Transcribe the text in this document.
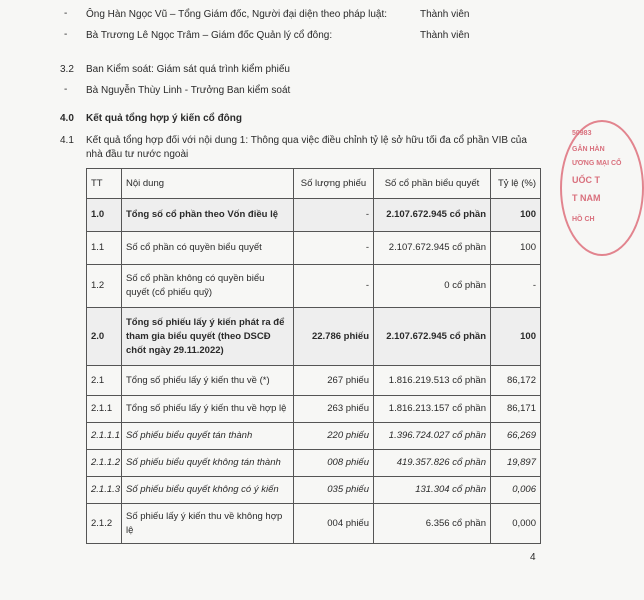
- Ông Hàn Ngọc Vũ – Tổng Giám đốc, Người đại diện theo pháp luật:	Thành viên
- Bà Trương Lê Ngọc Trâm – Giám đốc Quản lý cổ đông:	Thành viên
3.2 Ban Kiểm soát: Giám sát quá trình kiểm phiếu
- Bà Nguyễn Thùy Linh - Trưởng Ban kiểm soát
4.0 Kết quả tổng hợp ý kiến cổ đông
4.1 Kết quả tổng hợp đối với nội dung 1: Thông qua việc điều chỉnh tỷ lệ sở hữu tối đa cổ phần VIB của
nhà đầu tư nước ngoài
TT	Nội dung	Số lượng phiếu	Số cổ phần biểu quyết	Tỷ lệ (%)
1.0	Tổng số cổ phần theo Vốn điều lệ	-	2.107.672.945 cổ phần	100
1.1	Số cổ phần có quyền biểu quyết	-	2.107.672.945 cổ phần	100
1.2	Số cổ phần không có quyền biểu quyết (cổ phiếu quỹ)	-	0 cổ phần	-
2.0	Tổng số phiếu lấy ý kiến phát ra để tham gia biểu quyết (theo DSCĐ chốt ngày 29.11.2022)	22.786 phiếu	2.107.672.945 cổ phần	100
2.1	Tổng số phiếu lấy ý kiến thu về (*)	267 phiếu	1.816.219.513 cổ phần	86,172
2.1.1	Tổng số phiếu lấy ý kiến thu về hợp lệ	263 phiếu	1.816.213.157 cổ phần	86,171
2.1.1.1	Số phiếu biểu quyết tán thành	220 phiếu	1.396.724.027 cổ phần	66,269
2.1.1.2	Số phiếu biểu quyết không tán thành	008 phiếu	419.357.826 cổ phần	19,897
2.1.1.3	Số phiếu biểu quyết không có ý kiến	035 phiếu	131.304 cổ phần	0,006
2.1.2	Số phiếu lấy ý kiến thu về không hợp lệ	004 phiếu	6.356 cổ phần	0,000
50983
GÂN HÀN
ƯƠNG MẠI CỔ
UỐC T
T NAM
HỒ CH
4
